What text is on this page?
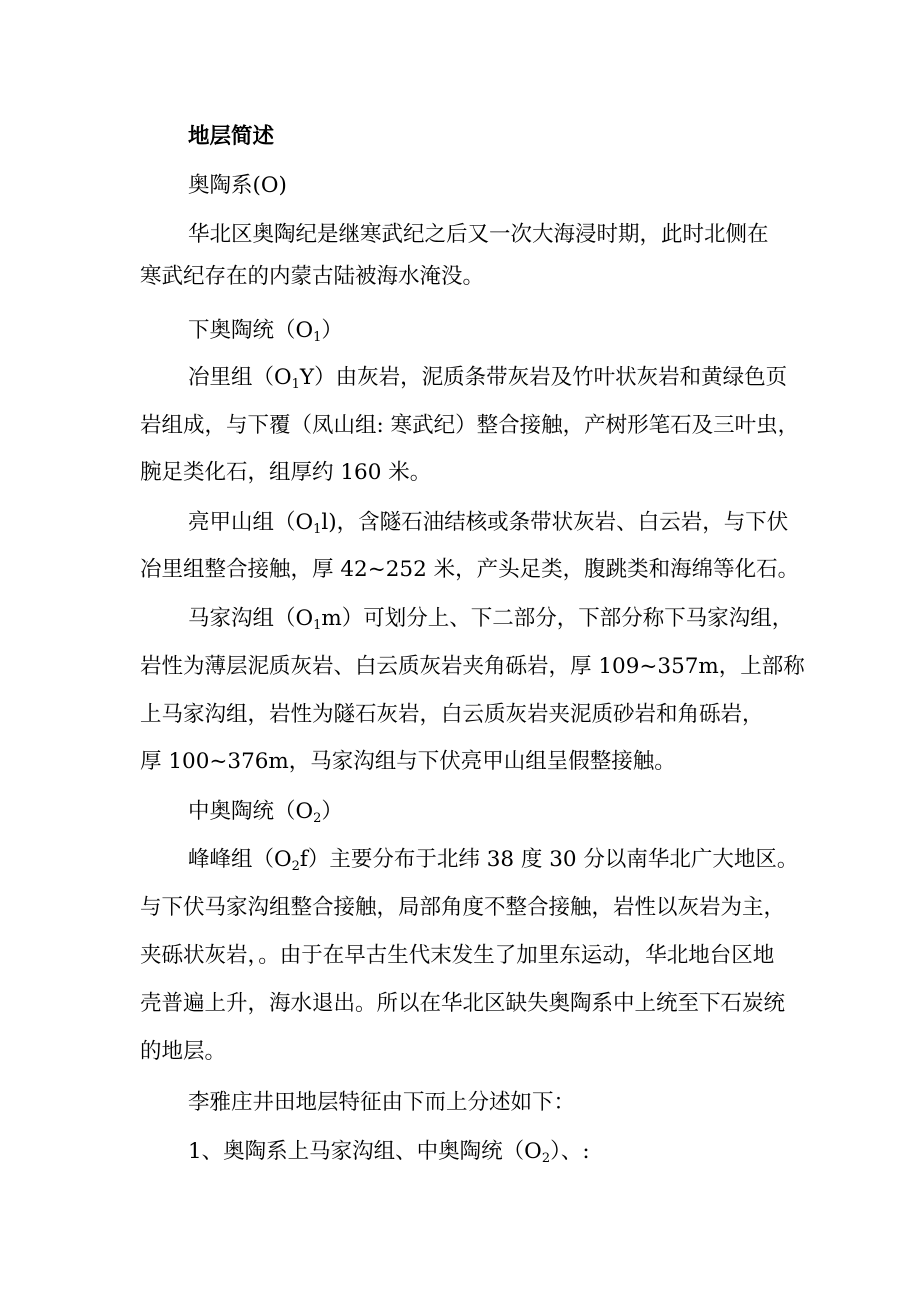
地层简述
奥陶系(O)
华北区奥陶纪是继寒武纪之后又一次大海浸时期，此时北侧在
寒武纪存在的内蒙古陆被海水淹没。
下奥陶统$(O_1)$
冶里组$(O_1Y)$由灰岩，泥质条带灰岩及竹叶状灰岩和黄绿色页
岩组成，与下覆（凤山组: 寒武纪）整合接触，产树形笔石及三叶虫，
腕足类化石，组厚约 160 米。
亮甲山组$(O_1l)$，含隧石油结核或条带状灰岩、白云岩，与下伏
冶里组整合接触，厚 42~252 米，产头足类，腹跳类和海绵等化石。
马家沟组$(O_1m)$可划分上、下二部分，下部分称下马家沟组，
岩性为薄层泥质灰岩、白云质灰岩夹角砾岩，厚 109~357m，上部称
上马家沟组，岩性为隧石灰岩，白云质灰岩夹泥质砂岩和角砾岩，
厚 100~376m，马家沟组与下伏亮甲山组呈假整接触。
中奥陶统$(O_2)$
峰峰组$(O_2f)$主要分布于北纬 38 度 30 分以南华北广大地区。
与下伏马家沟组整合接触，局部角度不整合接触，岩性以灰岩为主，
夹砾状灰岩，。由于在早古生代末发生了加里东运动，华北地台区地
壳普遍上升，海水退出。所以在华北区缺失奥陶系中上统至下石炭统
的地层。
李雅庄井田地层特征由下而上分述如下：
1、奥陶系上马家沟组、中奥陶统$(O_2)$、:
